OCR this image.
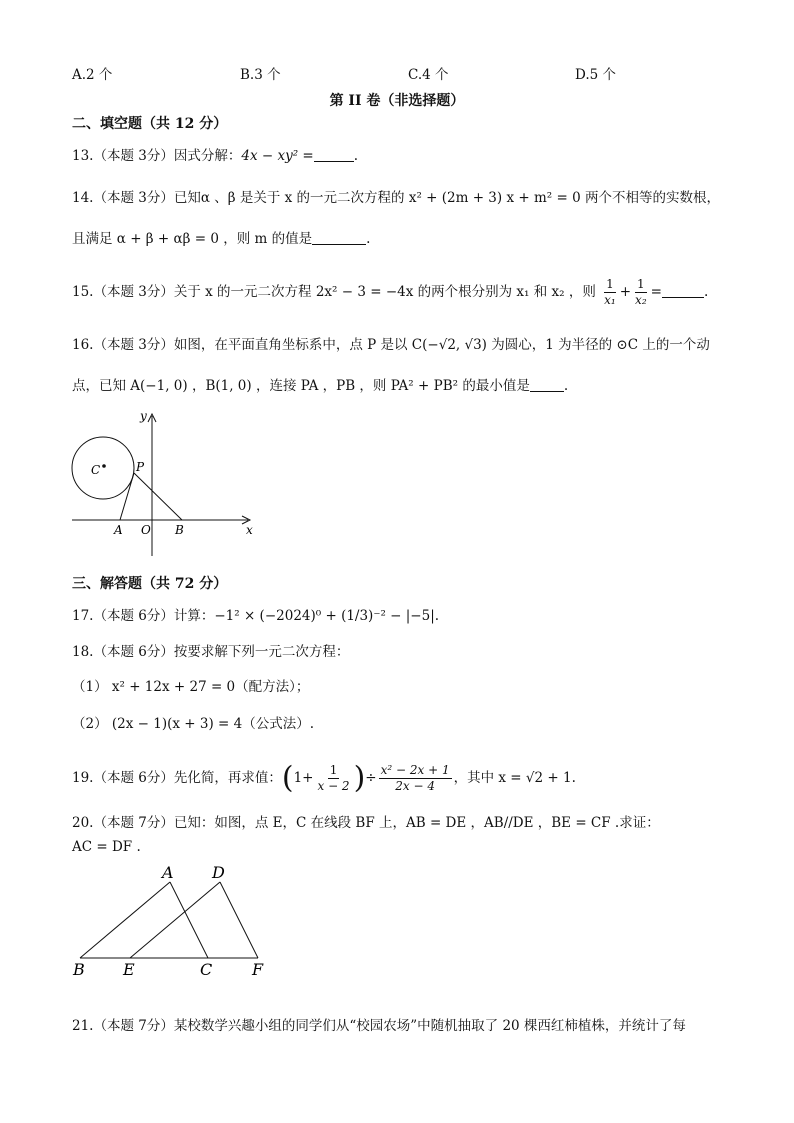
A.2 个	B.3 个	C.4 个	D.5 个
第 II 卷（非选择题）
二、填空题（共 12 分）
13.（本题 3分）因式分解：4x − xy² =	.
14.（本题 3分）已知α 、β 是关于 x 的一元二次方程的 x² + (2m + 3) x + m² = 0 两个不相等的实数根，
且满足 α + β + αβ = 0 ，则 m 的值是	.
15.（本题 3分）关于 x 的一元二次方程 2x² − 3 = −4x 的两个根分别为 x₁ 和 x₂ ，则 $\frac{1}{\text{x₁}} + \frac{1}{\text{x₂}}$ =	.
16.（本题 3分）如图，在平面直角坐标系中，点 P 是以 C(−√2, √3) 为圆心，1 为半径的 ⊙C 上的一个动
点，已知 A(−1, 0) ，B(1, 0) ，连接 PA ，PB ，则 PA² + PB² 的最小值是	.
y
x
C	P
A O B
三、解答题（共 72 分）
17.（本题 6分）计算：−1² × (−2024)⁰ + (1/3)⁻² − |−5|.
18.（本题 6分）按要求解下列一元二次方程：
（1） x² + 12x + 27 = 0（配方法）；
（2） (2x − 1)(x + 3) = 4（公式法）.
19.（本题 6分）先化简，再求值：($1+ \frac{1}{x - 2}$ )÷ $\frac{\text{x² − 2x + 1}}{2x - 4}$ ，其中 x = √2 + 1.
20.（本题 7分）已知：如图，点 E，C 在线段 BF 上，AB = DE ，AB//DE ，BE = CF .求证：
AC = DF .
A D
B E	C F
21.（本题 7分）某校数学兴趣小组的同学们从“校园农场”中随机抽取了 20 棵西红柿植株，并统计了每
